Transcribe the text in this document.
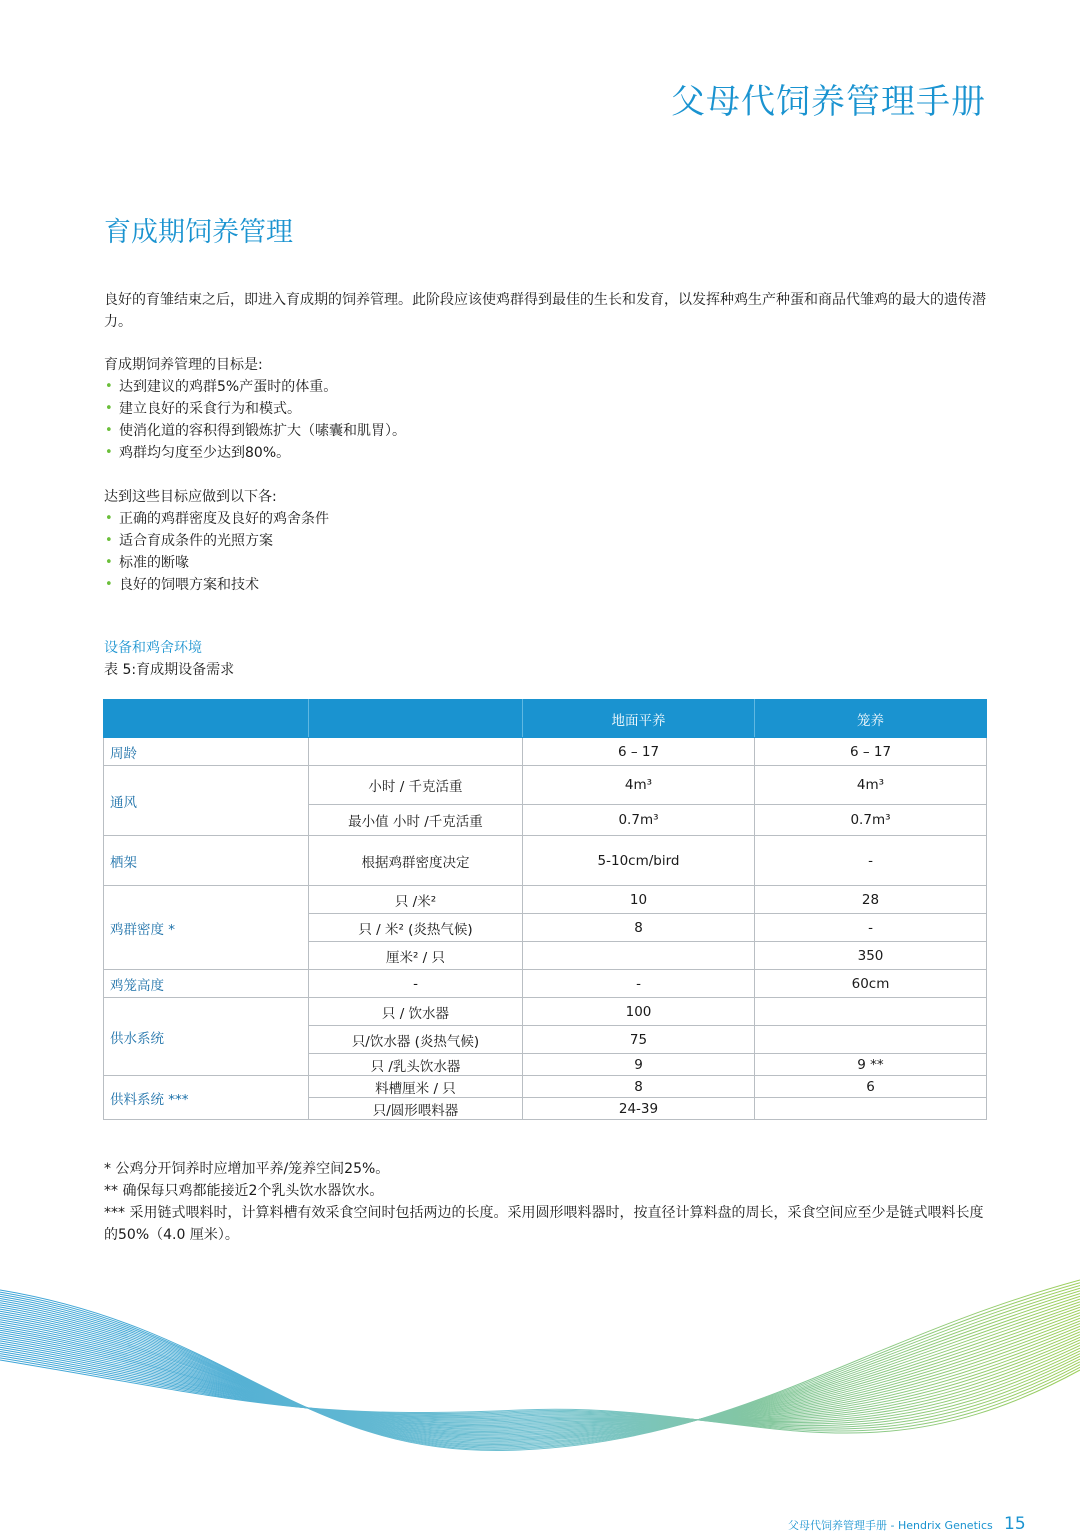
父母代饲养管理手册
育成期饲养管理
良好的育雏结束之后，即进入育成期的饲养管理。此阶段应该使鸡群得到最佳的生长和发育，以发挥种鸡生产种蛋和商品代雏鸡的最大的遗传潜力。

育成期饲养管理的目标是:

• 达到建议的鸡群5%产蛋时的体重。
• 建立良好的采食行为和模式。
• 使消化道的容积得到锻炼扩大（嗉囊和肌胃）。
• 鸡群均匀度至少达到80%。

达到这些目标应做到以下各:

• 正确的鸡群密度及良好的鸡舍条件
• 适合育成条件的光照方案
• 标准的断喙
• 良好的饲喂方案和技术
设备和鸡舍环境
表 5:育成期设备需求
		地面平养	笼养
周龄		6 – 17	6 – 17
通风	小时 / 千克活重	4m³	4m³
	最小值 小时 /千克活重	0.7m³	0.7m³
栖架	根据鸡群密度决定	5-10cm/bird	-
鸡群密度 *	只 /米²	10	28
	只 / 米² (炎热气候)	8	-
	厘米² / 只		350
鸡笼高度	-	-	60cm
供水系统	只 / 饮水器	100	
	只/饮水器 (炎热气候)	75	
	只 /乳头饮水器	9	9 **
供料系统 ***	料槽厘米 / 只	8	6
	只/圆形喂料器	24-39	

* 公鸡分开饲养时应增加平养/笼养空间25%。

** 确保每只鸡都能接近2个乳头饮水器饮水。

*** 采用链式喂料时，计算料槽有效采食空间时包括两边的长度。采用圆形喂料器时，按直径计算料盘的周长，采食空间应至少是链式喂料长度的50%（4.0 厘米）。

父母代饲养管理手册 - Hendrix Genetics 15
